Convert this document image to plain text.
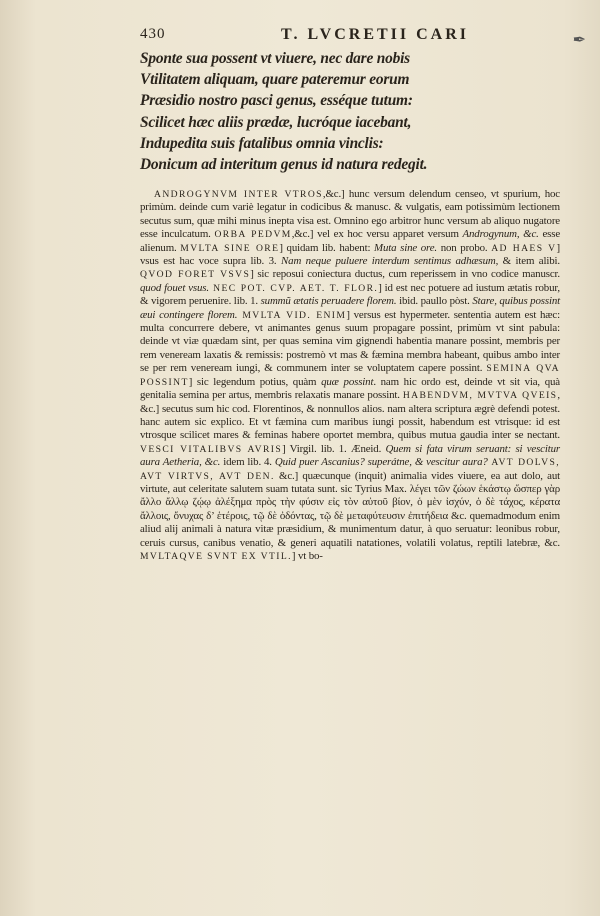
430	T. LVCRETII CARI	✒
Sponte sua possent vt viuere, nec dare nobis
Vtilitatem aliquam, quare pateremur eorum
Præsidio nostro pasci genus, esséque tutum:
Scilicet hæc aliis prædæ, lucróque iacebant,
Indupedita suis fatalibus omnia vinclis:
Donicum ad interitum genus id natura redegit.

ANDROGYNVM INTER VTROS,&c.] hunc versum delendum censeo, vt spurium, hoc primùm. deinde cum variè legatur in codicibus & manusc. & vulgatis, eam potissimùm lectionem secutus sum, quæ mihi minus inepta visa est. Omnino ego arbitror hunc versum ab aliquo nugatore esse inculcatum. ORBA PEDVM,&c.] vel ex hoc versu apparet versum Androgynum, &c. esse alienum. MVLTA SINE ORE] quidam lib. habent: Muta sine ore. non probo. AD HAES V] vsus est hac voce supra lib. 3. Nam neque puluere interdum sentimus adhæsum, & item alibi. QVOD FORET VSVS] sic reposui coniectura ductus, cum reperissem in vno codice manuscr. quod fouet vsus. NEC POT. CVP. AET. T. FLOR.] id est nec potuere ad iustum ætatis robur, & vigorem peruenire. lib. 1. summũ ætatis peruadere florem. ibid. paullo pòst. Stare, quibus possint æui contingere florem. MVLTA VID. ENIM] versus est hypermeter. sententia autem est hæc: multa concurrere debere, vt animantes genus suum propagare possint, primùm vt sint pabula: deinde vt viæ quædam sint, per quas semina vim gignendi habentia manare possint, membris per rem veneream laxatis & remissis: postremò vt mas & fæmina membra habeant, quibus ambo inter se per rem veneream iungi, & communem inter se voluptatem capere possint. SEMINA QVA POSSINT] sic legendum potius, quàm quæ possint. nam hic ordo est, deinde vt sit via, quà genitalia semina per artus, membris relaxatis manare possint. HABENDVM, MVTVA QVEIS, &c.] secutus sum hic cod. Florentinos, & nonnullos alios. nam altera scriptura ægrè defendi potest. hanc autem sic explico. Et vt fæmina cum maribus iungi possit, habendum est vtrisque: id est vtrosque scilicet mares & feminas habere oportet membra, quibus mutua gaudia inter se nectant. VESCI VITALIBVS AVRIS] Virgil. lib. 1. Æneid. Quem si fata virum seruant: si vescitur aura Aetheria, &c. idem lib. 4. Quid puer Ascanius? superátne, & vescitur aura? AVT DOLVS, AVT VIRTVS, AVT DEN. &c.] quæcunque (inquit) animalia vides viuere, ea aut dolo, aut virtute, aut celeritate salutem suam tutata sunt. sic Tyrius Max. λέγει τῶν ζώων ἑκάστῳ ὥσπερ γὰρ ἄλλο ἄλλῳ ζῴῳ ἀλέξημα πρὸς τὴν φύσιν εἰς τὸν αὐτοῦ βίον, ὁ μὲν ἰσχύν, ὁ δὲ τάχος, κέρατα ἄλλοις, ὄνυχας δ’ ἑτέροις, τῷ δὲ ὀδόντας, τῷ δὲ μεταφύτευσιν ἐπιτήδεια &c. quemadmodum enim aliud alij animali à natura vitæ præsidium, & munimentum datur, à quo seruatur: leonibus robur, ceruis cursus, canibus venatio, & generi aquatili natationes, volatili volatus, reptili latebræ, &c. MVLTAQVE SVNT EX VTIL.] vt bo-
